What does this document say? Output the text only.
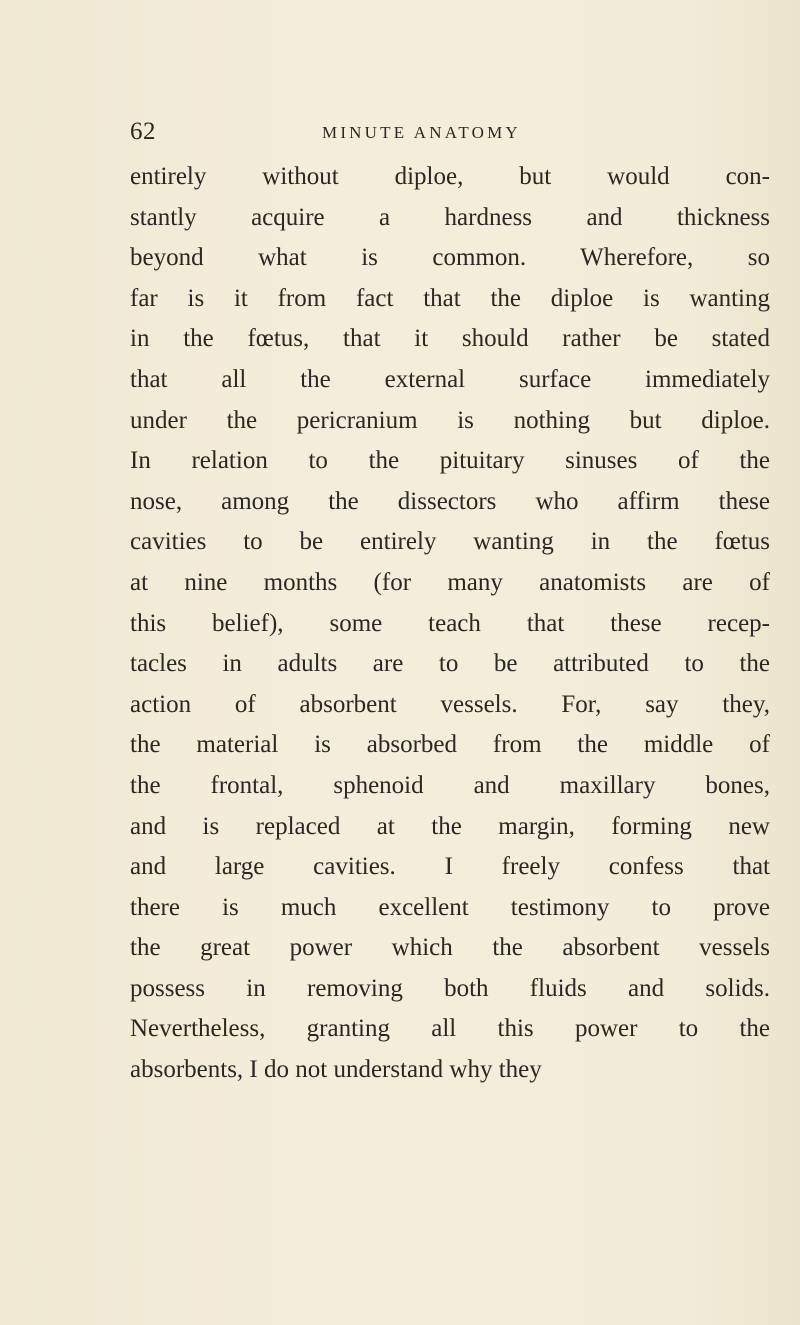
62	MINUTE ANATOMY
entirely without diploe, but would con-
stantly acquire a hardness and thickness
beyond what is common. Wherefore, so
far is it from fact that the diploe is wanting
in the fœtus, that it should rather be stated
that all the external surface immediately
under the pericranium is nothing but diploe.
In relation to the pituitary sinuses of the
nose, among the dissectors who affirm these
cavities to be entirely wanting in the fœtus
at nine months (for many anatomists are of
this belief), some teach that these recep-
tacles in adults are to be attributed to the
action of absorbent vessels. For, say they,
the material is absorbed from the middle of
the frontal, sphenoid and maxillary bones,
and is replaced at the margin, forming new
and large cavities. I freely confess that
there is much excellent testimony to prove
the great power which the absorbent vessels
possess in removing both fluids and solids.
Nevertheless, granting all this power to the
absorbents, I do not understand why they
